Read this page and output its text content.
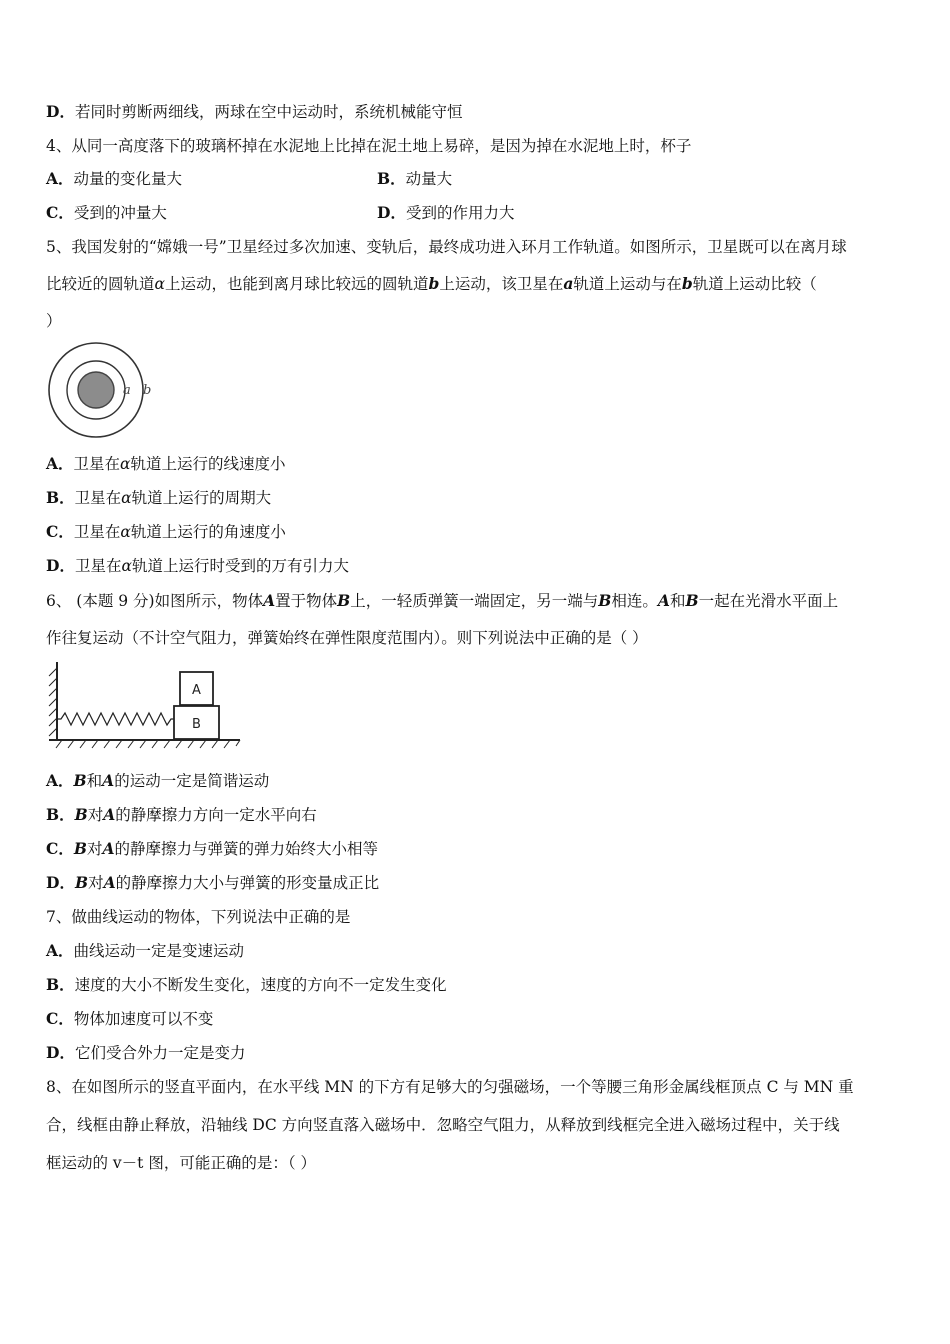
D．若同时剪断两细线，两球在空中运动时，系统机械能守恒
4、从同一高度落下的玻璃杯掉在水泥地上比掉在泥土地上易碎，是因为掉在水泥地上时，杯子
A．动量的变化量大	B．动量大
C．受到的冲量大	D．受到的作用力大
5、我国发射的“嫦娥一号”卫星经过多次加速、变轨后，最终成功进入环月工作轨道。如图所示，卫星既可以在离月球
比较近的圆轨道α上运动，也能到离月球比较远的圆轨道b上运动，该卫星在a轨道上运动与在b轨道上运动比较（
）
a b
A．卫星在α轨道上运行的线速度小
B．卫星在α轨道上运行的周期大
C．卫星在α轨道上运行的角速度小
D．卫星在α轨道上运行时受到的万有引力大
6、 (本题 9 分)如图所示，物体A置于物体B上，一轻质弹簧一端固定，另一端与B相连。A和B一起在光滑水平面上
作往复运动（不计空气阻力，弹簧始终在弹性限度范围内）。则下列说法中正确的是（ ）
A
B
A．B和A的运动一定是简谐运动
B．B对A的静摩擦力方向一定水平向右
C．B对A的静摩擦力与弹簧的弹力始终大小相等
D．B对A的静摩擦力大小与弹簧的形变量成正比
7、做曲线运动的物体，下列说法中正确的是
A．曲线运动一定是变速运动
B．速度的大小不断发生变化，速度的方向不一定发生变化
C．物体加速度可以不变
D．它们受合外力一定是变力
8、在如图所示的竖直平面内，在水平线 MN 的下方有足够大的匀强磁场，一个等腰三角形金属线框顶点 C 与 MN 重
合，线框由静止释放，沿轴线 DC 方向竖直落入磁场中．忽略空气阻力，从释放到线框完全进入磁场过程中，关于线
框运动的 v－t 图，可能正确的是：（ ）
